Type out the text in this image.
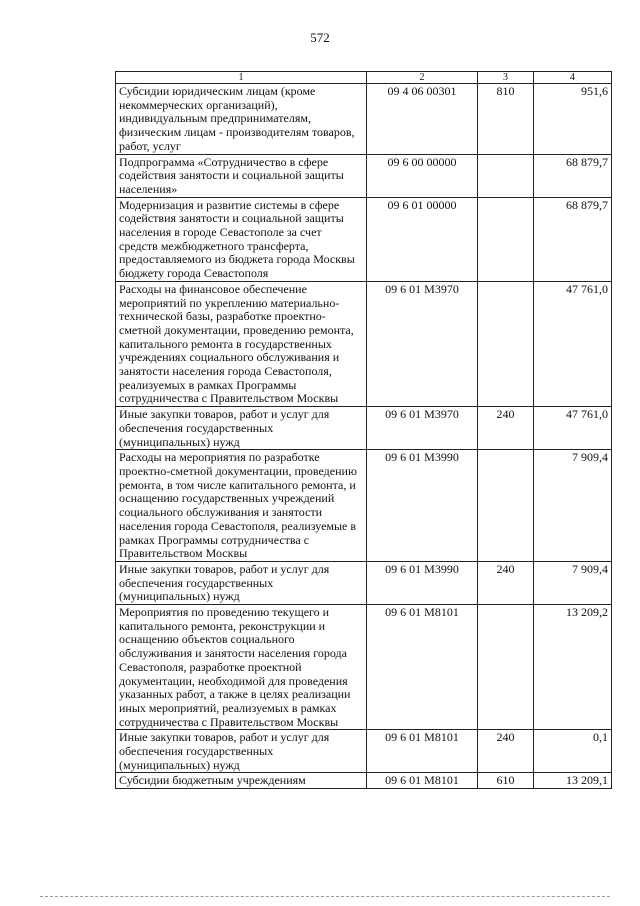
572
1	2	3	4
Субсидии юридическим лицам (кроме некоммерческих организаций), индивидуальным предпринимателям, физическим лицам - производителям товаров, работ, услуг	09 4 06 00301	810	951,6
Подпрограмма «Сотрудничество в сфере содействия занятости и социальной защиты населения»	09 6 00 00000		68 879,7
Модернизация и развитие системы в сфере содействия занятости и социальной защиты населения в городе Севастополе за счет средств межбюджетного трансферта, предоставляемого из бюджета города Москвы бюджету города Севастополя	09 6 01 00000		68 879,7
Расходы на финансовое обеспечение мероприятий по укреплению материально-технической базы, разработке проектно-сметной документации, проведению ремонта, капитального ремонта в государственных учреждениях социального обслуживания и занятости населения города Севастополя, реализуемых в рамках Программы сотрудничества с Правительством Москвы	09 6 01 М3970		47 761,0
Иные закупки товаров, работ и услуг для обеспечения государственных (муниципальных) нужд	09 6 01 М3970	240	47 761,0
Расходы на мероприятия по разработке проектно-сметной документации, проведению ремонта, в том числе капитального ремонта, и оснащению государственных учреждений социального обслуживания и занятости населения города Севастополя, реализуемые в рамках Программы сотрудничества с Правительством Москвы	09 6 01 М3990		7 909,4
Иные закупки товаров, работ и услуг для обеспечения государственных (муниципальных) нужд	09 6 01 М3990	240	7 909,4
Мероприятия по проведению текущего и капитального ремонта, реконструкции и оснащению объектов социального обслуживания и занятости населения города Севастополя, разработке проектной документации, необходимой для проведения указанных работ, а также в целях реализации иных мероприятий, реализуемых в рамках сотрудничества с Правительством Москвы	09 6 01 М8101		13 209,2
Иные закупки товаров, работ и услуг для обеспечения государственных (муниципальных) нужд	09 6 01 М8101	240	0,1
Субсидии бюджетным учреждениям	09 6 01 М8101	610	13 209,1
